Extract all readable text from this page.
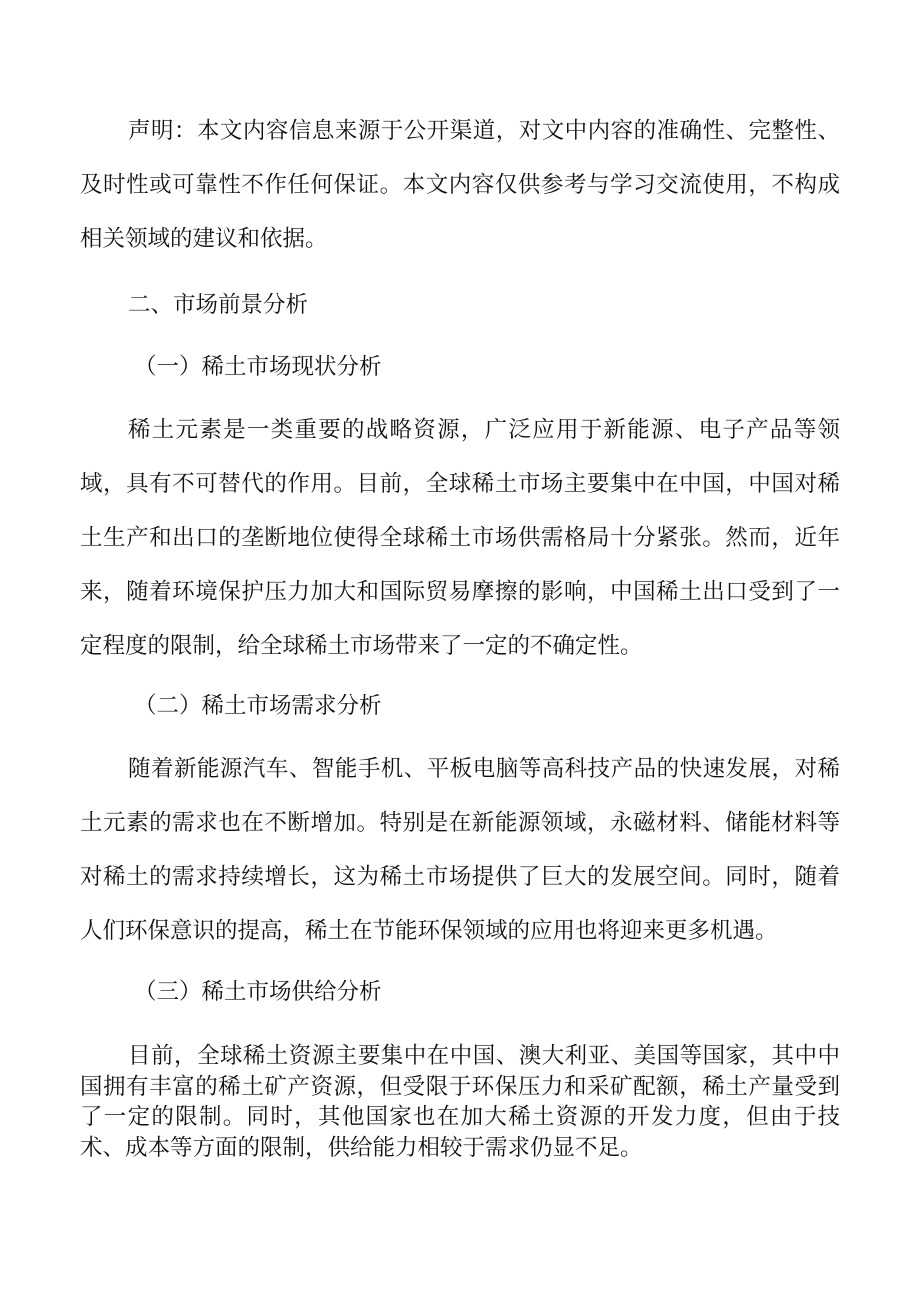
声明：本文内容信息来源于公开渠道，对文中内容的准确性、完整性、及时性或可靠性不作任何保证。本文内容仅供参考与学习交流使用，不构成相关领域的建议和依据。

二、市场前景分析
（一）稀土市场现状分析

稀土元素是一类重要的战略资源，广泛应用于新能源、电子产品等领域，具有不可替代的作用。目前，全球稀土市场主要集中在中国，中国对稀土生产和出口的垄断地位使得全球稀土市场供需格局十分紧张。然而，近年来，随着环境保护压力加大和国际贸易摩擦的影响，中国稀土出口受到了一定程度的限制，给全球稀土市场带来了一定的不确定性。

（二）稀土市场需求分析

随着新能源汽车、智能手机、平板电脑等高科技产品的快速发展，对稀土元素的需求也在不断增加。特别是在新能源领域，永磁材料、储能材料等对稀土的需求持续增长，这为稀土市场提供了巨大的发展空间。同时，随着人们环保意识的提高，稀土在节能环保领域的应用也将迎来更多机遇。

（三）稀土市场供给分析

目前，全球稀土资源主要集中在中国、澳大利亚、美国等国家，其中中国拥有丰富的稀土矿产资源，但受限于环保压力和采矿配额，稀土产量受到了一定的限制。同时，其他国家也在加大稀土资源的开发力度，但由于技术、成本等方面的限制，供给能力相较于需求仍显不足。
